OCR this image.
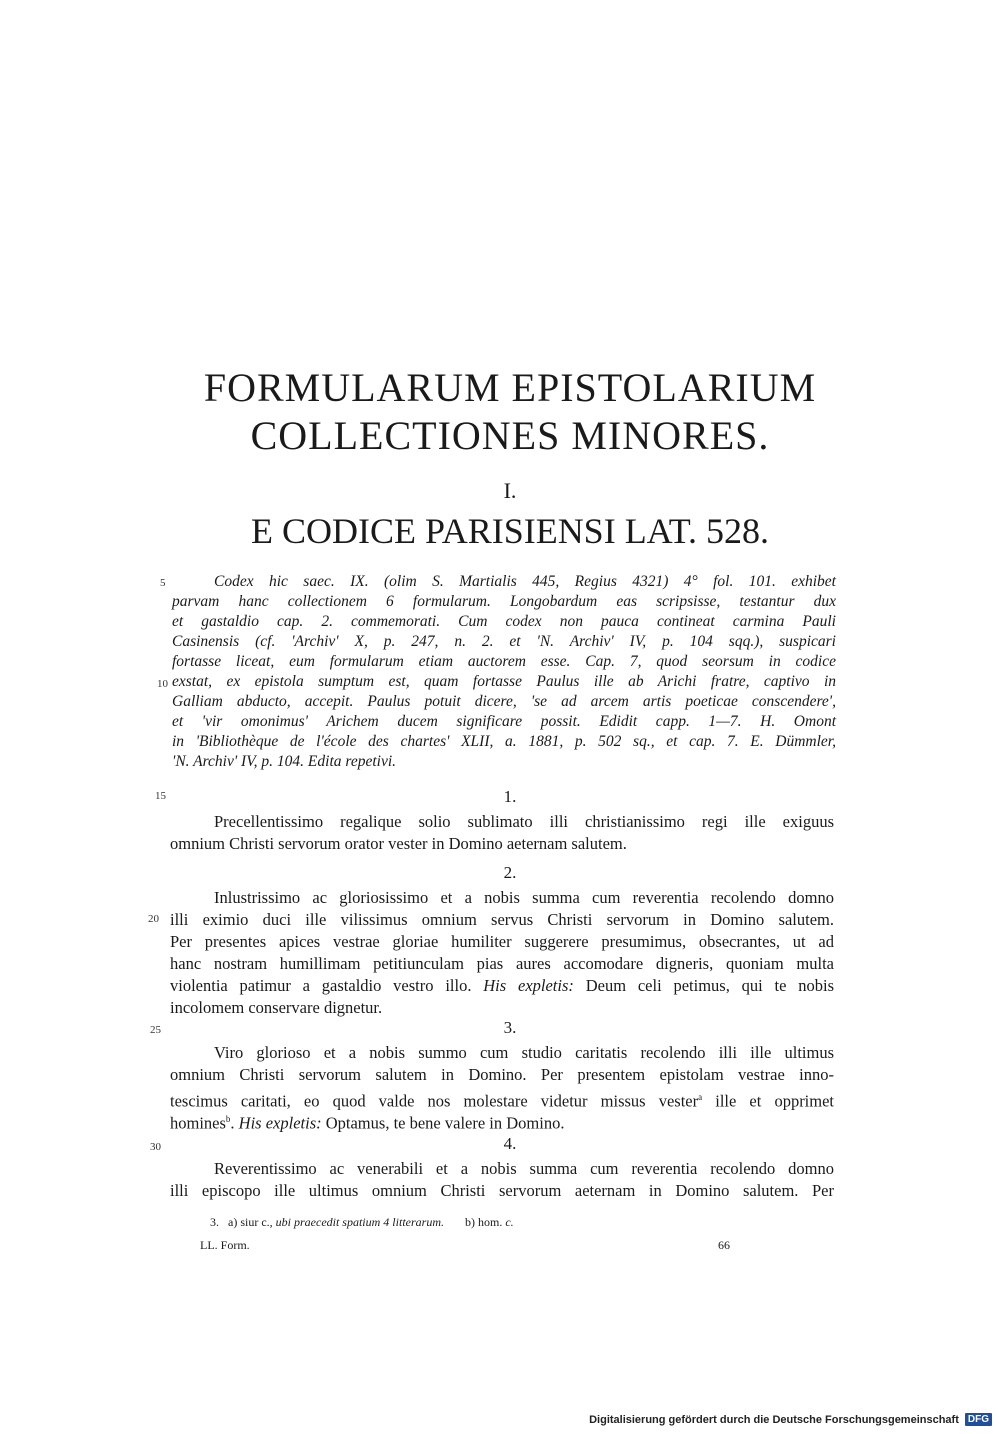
FORMULARUM EPISTOLARIUM
COLLECTIONES MINORES.
I.
E CODICE PARISIENSI LAT. 528.
Codex hic saec. IX. (olim S. Martialis 445, Regius 4321) 4° fol. 101. exhibet
parvam hanc collectionem 6 formularum. Longobardum eas scripsisse, testantur dux
et gastaldio cap. 2. commemorati. Cum codex non pauca contineat carmina Pauli
Casinensis (cf. 'Archiv' X, p. 247, n. 2. et 'N. Archiv' IV, p. 104 sqq.), suspicari
fortasse liceat, eum formularum etiam auctorem esse. Cap. 7, quod seorsum in codice
exstat, ex epistola sumptum est, quam fortasse Paulus ille ab Arichi fratre, captivo in
Galliam abducto, accepit. Paulus potuit dicere, 'se ad arcem artis poeticae conscendere',
et 'vir omonimus' Arichem ducem significare possit. Edidit capp. 1—7. H. Omont
in 'Bibliothèque de l'école des chartes' XLII, a. 1881, p. 502 sq., et cap. 7. E. Dümmler,
'N. Archiv' IV, p. 104. Edita repetivi.
5
10
15
20
25
30
1.
Precellentissimo regalique solio sublimato illi christianissimo regi ille exiguus
omnium Christi servorum orator vester in Domino aeternam salutem.
2.
Inlustrissimo ac gloriosissimo et a nobis summa cum reverentia recolendo domno
illi eximio duci ille vilissimus omnium servus Christi servorum in Domino salutem.
Per presentes apices vestrae gloriae humiliter suggerere presumimus, obsecrantes, ut ad
hanc nostram humillimam petitiunculam pias aures accomodare digneris, quoniam multa
violentia patimur a gastaldio vestro illo. His expletis: Deum celi petimus, qui te nobis
incolomem conservare dignetur.
3.
Viro glorioso et a nobis summo cum studio caritatis recolendo illi ille ultimus
omnium Christi servorum salutem in Domino. Per presentem epistolam vestrae inno-
tescimus caritati, eo quod valde nos molestare videtur missus vester$^a$ ille et opprimet
homines$^b$. His expletis: Optamus, te bene valere in Domino.
4.
Reverentissimo ac venerabili et a nobis summa cum reverentia recolendo domno
illi episcopo ille ultimus omnium Christi servorum aeternam in Domino salutem. Per
3. a) siur c., ubi praecedit spatium 4 litterarum. b) hom. c.
LL. Form.	66
Digitalisierung gefördert durch die Deutsche Forschungsgemeinschaft DFG
